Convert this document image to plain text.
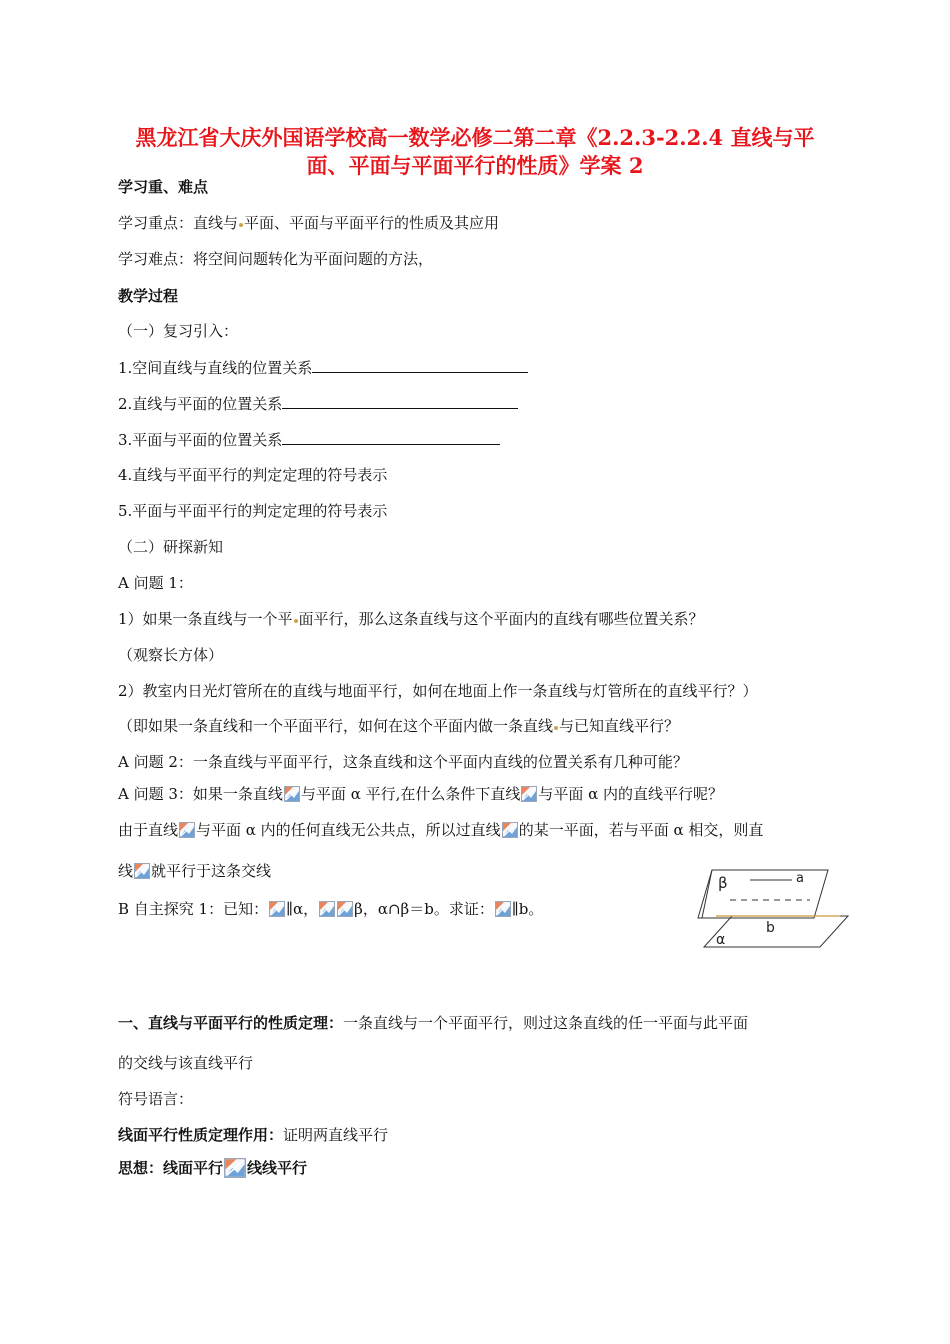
黑龙江省大庆外国语学校高一数学必修二第二章《2.2.3-2.2.4 直线与平
面、平面与平面平行的性质》学案 2
学习重、难点
学习重点：直线与 平面、平面与平面平行的性质及其应用
学习难点：将空间问题转化为平面问题的方法，
教学过程
（一）复习引入：
1.空间直线与直线的位置关系
2.直线与平面的位置关系
3.平面与平面的位置关系
4.直线与平面平行的判定定理的符号表示
5.平面与平面平行的判定定理的符号表示
（二）研探新知
A 问题 1：
1）如果一条直线与一个平 面平行，那么这条直线与这个平面内的直线有哪些位置关系？
（观察长方体）
2）教室内日光灯管所在的直线与地面平行，如何在地面上作一条直线与灯管所在的直线平行？）
（即如果一条直线和一个平面平行，如何在这个平面内做一条直线 与已知直线平行？
A 问题 2：一条直线与平面平行，这条直线和这个平面内直线的位置关系有几种可能？
A 问题 3：如果一条直线 与平面 α 平行,在什么条件下直线 与平面 α 内的直线平行呢？
由于直线 与平面 α 内的任何直线无公共点，所以过直线 的某一平面，若与平面 α 相交，则直
线 就平行于这条交线
B 自主探究 1：已知： ∥α， β，α∩β＝b。求证： ∥b。
β	a
b
α
一、直线与平面平行的性质定理：一条直线与一个平面平行，则过这条直线的任一平面与此平面
的交线与该直线平行
符号语言：
线面平行性质定理作用：证明两直线平行
思想：线面平行 线线平行
